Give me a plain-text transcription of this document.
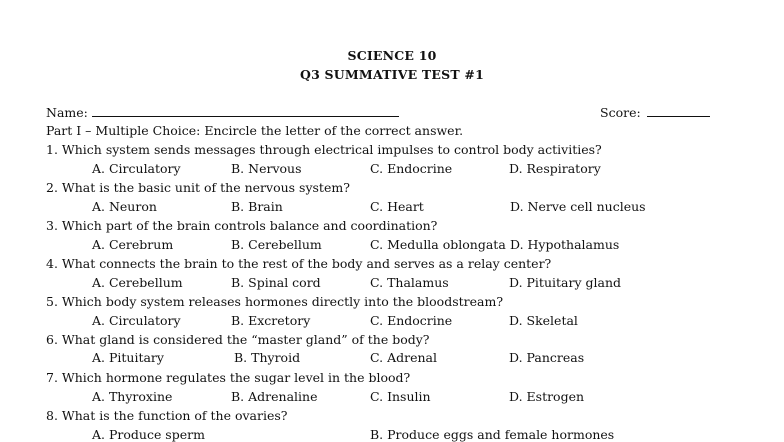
SCIENCE 10
Q3 SUMMATIVE TEST #1
Name:	Score:
Part I – Multiple Choice: Encircle the letter of the correct answer.
1. Which system sends messages through electrical impulses to control body activities?
A. Circulatory	B. Nervous	C. Endocrine	D. Respiratory
2. What is the basic unit of the nervous system?
A. Neuron	B. Brain	C. Heart	D. Nerve cell nucleus
3. Which part of the brain controls balance and coordination?
A. Cerebrum	B. Cerebellum	C. Medulla oblongata D. Hypothalamus
4. What connects the brain to the rest of the body and serves as a relay center?
A. Cerebellum	B. Spinal cord	C. Thalamus	D. Pituitary gland
5. Which body system releases hormones directly into the bloodstream?
A. Circulatory	B. Excretory	C. Endocrine	D. Skeletal
6. What gland is considered the “master gland” of the body?
A. Pituitary	B. Thyroid	C. Adrenal	D. Pancreas
7. Which hormone regulates the sugar level in the blood?
A. Thyroxine	B. Adrenaline	C. Insulin	D. Estrogen
8. What is the function of the ovaries?
A. Produce sperm	B. Produce eggs and female hormones
